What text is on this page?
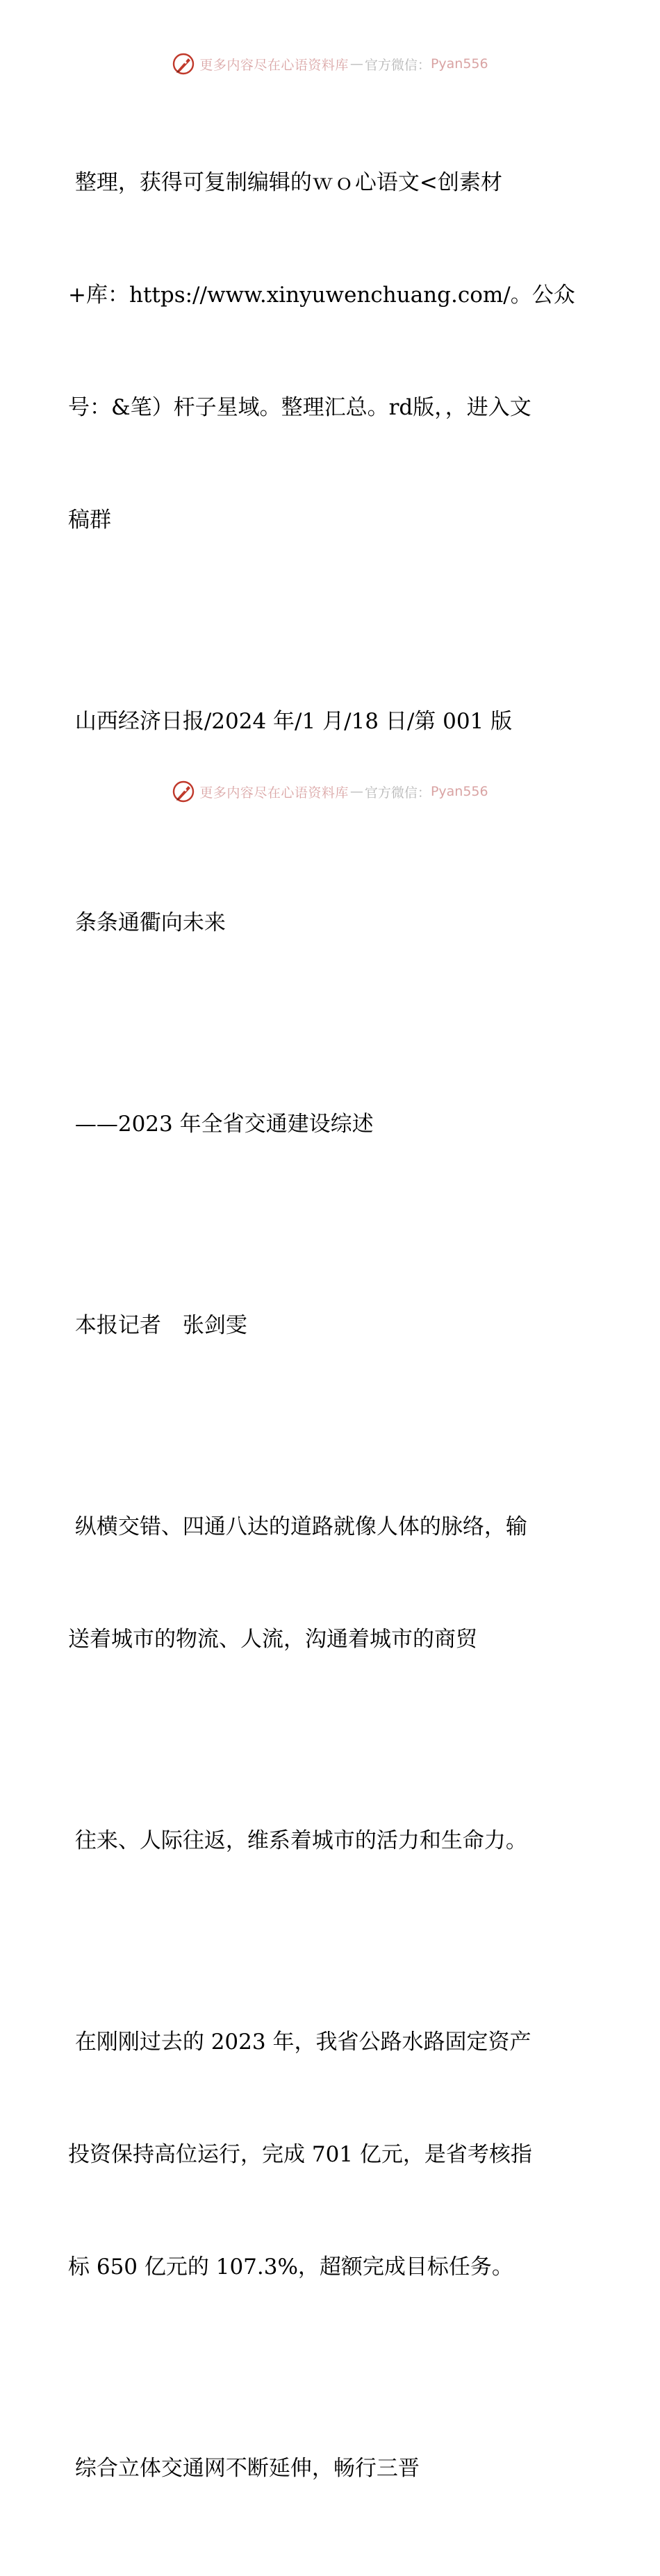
更多内容尽在心语资料库 — 官方微信： Pyan556

整理，获得可复制编辑的ｗｏ心语文<创素材

+库：https://www.xinyuwenchuang.com/。公众

号：&笔）杆子星域。整理汇总。rd版，，进入文

稿群

山西经济日报/2024 年/1 月/18 日/第 001 版

条条通衢向未来

——2023 年全省交通建设综述

本报记者　张剑雯

纵横交错、四通八达的道路就像人体的脉络，输

送着城市的物流、人流，沟通着城市的商贸

往来、人际往返，维系着城市的活力和生命力。

在刚刚过去的 2023 年，我省公路水路固定资产

投资保持高位运行，完成 701 亿元，是省考核指

标 650 亿元的 107.3%，超额完成目标任务。

综合立体交通网不断延伸，畅行三晋

更多内容尽在心语资料库 — 官方微信： Pyan556
